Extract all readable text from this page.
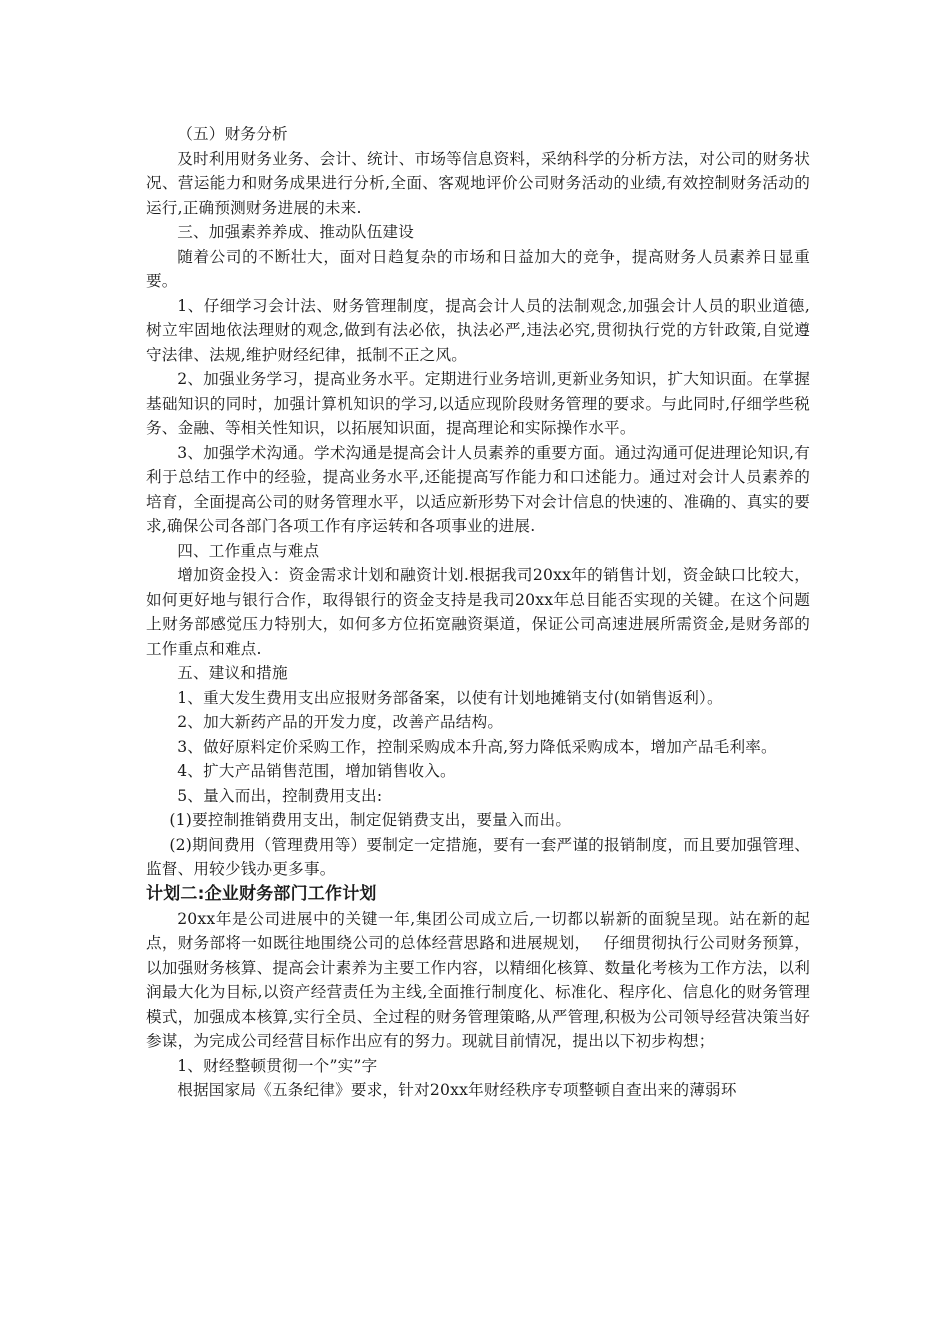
（五）财务分析

及时利用财务业务、会计、统计、市场等信息资料，采纳科学的分析方法，对公司的财务状况、营运能力和财务成果进行分析,全面、客观地评价公司财务活动的业绩,有效控制财务活动的运行,正确预测财务进展的未来.

三、加强素养养成、推动队伍建设

随着公司的不断壮大，面对日趋复杂的市场和日益加大的竞争，提高财务人员素养日显重要。

1、仔细学习会计法、财务管理制度，提高会计人员的法制观念,加强会计人员的职业道德,树立牢固地依法理财的观念,做到有法必依，执法必严,违法必究,贯彻执行党的方针政策,自觉遵守法律、法规,维护财经纪律，抵制不正之风。

2、加强业务学习，提高业务水平。定期进行业务培训,更新业务知识，扩大知识面。在掌握基础知识的同时，加强计算机知识的学习,以适应现阶段财务管理的要求。与此同时,仔细学些税务、金融、等相关性知识，以拓展知识面，提高理论和实际操作水平。

3、加强学术沟通。学术沟通是提高会计人员素养的重要方面。通过沟通可促进理论知识,有利于总结工作中的经验，提高业务水平,还能提高写作能力和口述能力。通过对会计人员素养的培育，全面提高公司的财务管理水平，以适应新形势下对会计信息的快速的、准确的、真实的要求,确保公司各部门各项工作有序运转和各项事业的进展.

四、工作重点与难点

增加资金投入：资金需求计划和融资计划.根据我司20xx年的销售计划，资金缺口比较大，如何更好地与银行合作，取得银行的资金支持是我司20xx年总目能否实现的关键。在这个问题上财务部感觉压力特别大，如何多方位拓宽融资渠道，保证公司高速进展所需资金,是财务部的工作重点和难点.

五、建议和措施

1、重大发生费用支出应报财务部备案，以使有计划地摊销支付(如销售返利）。

2、加大新药产品的开发力度，改善产品结构。

3、做好原料定价采购工作，控制采购成本升高,努力降低采购成本，增加产品毛利率。

4、扩大产品销售范围，增加销售收入。

5、量入而出，控制费用支出:

(1)要控制推销费用支出，制定促销费支出，要量入而出。

(2)期间费用（管理费用等）要制定一定措施，要有一套严谨的报销制度，而且要加强管理、监督、用较少钱办更多事。

计划二:企业财务部门工作计划

20xx年是公司进展中的关键一年,集团公司成立后,一切都以崭新的面貌呈现。站在新的起点，财务部将一如既往地围绕公司的总体经营思路和进展规划，　 仔细贯彻执行公司财务预算，以加强财务核算、提高会计素养为主要工作内容，以精细化核算、数量化考核为工作方法，以利润最大化为目标,以资产经营责任为主线,全面推行制度化、标准化、程序化、信息化的财务管理模式，加强成本核算,实行全员、全过程的财务管理策略,从严管理,积极为公司领导经营决策当好参谋，为完成公司经营目标作出应有的努力。现就目前情况，提出以下初步构想；

1、财经整顿贯彻一个”实”字

根据国家局《五条纪律》要求，针对20xx年财经秩序专项整顿自查出来的薄弱环
